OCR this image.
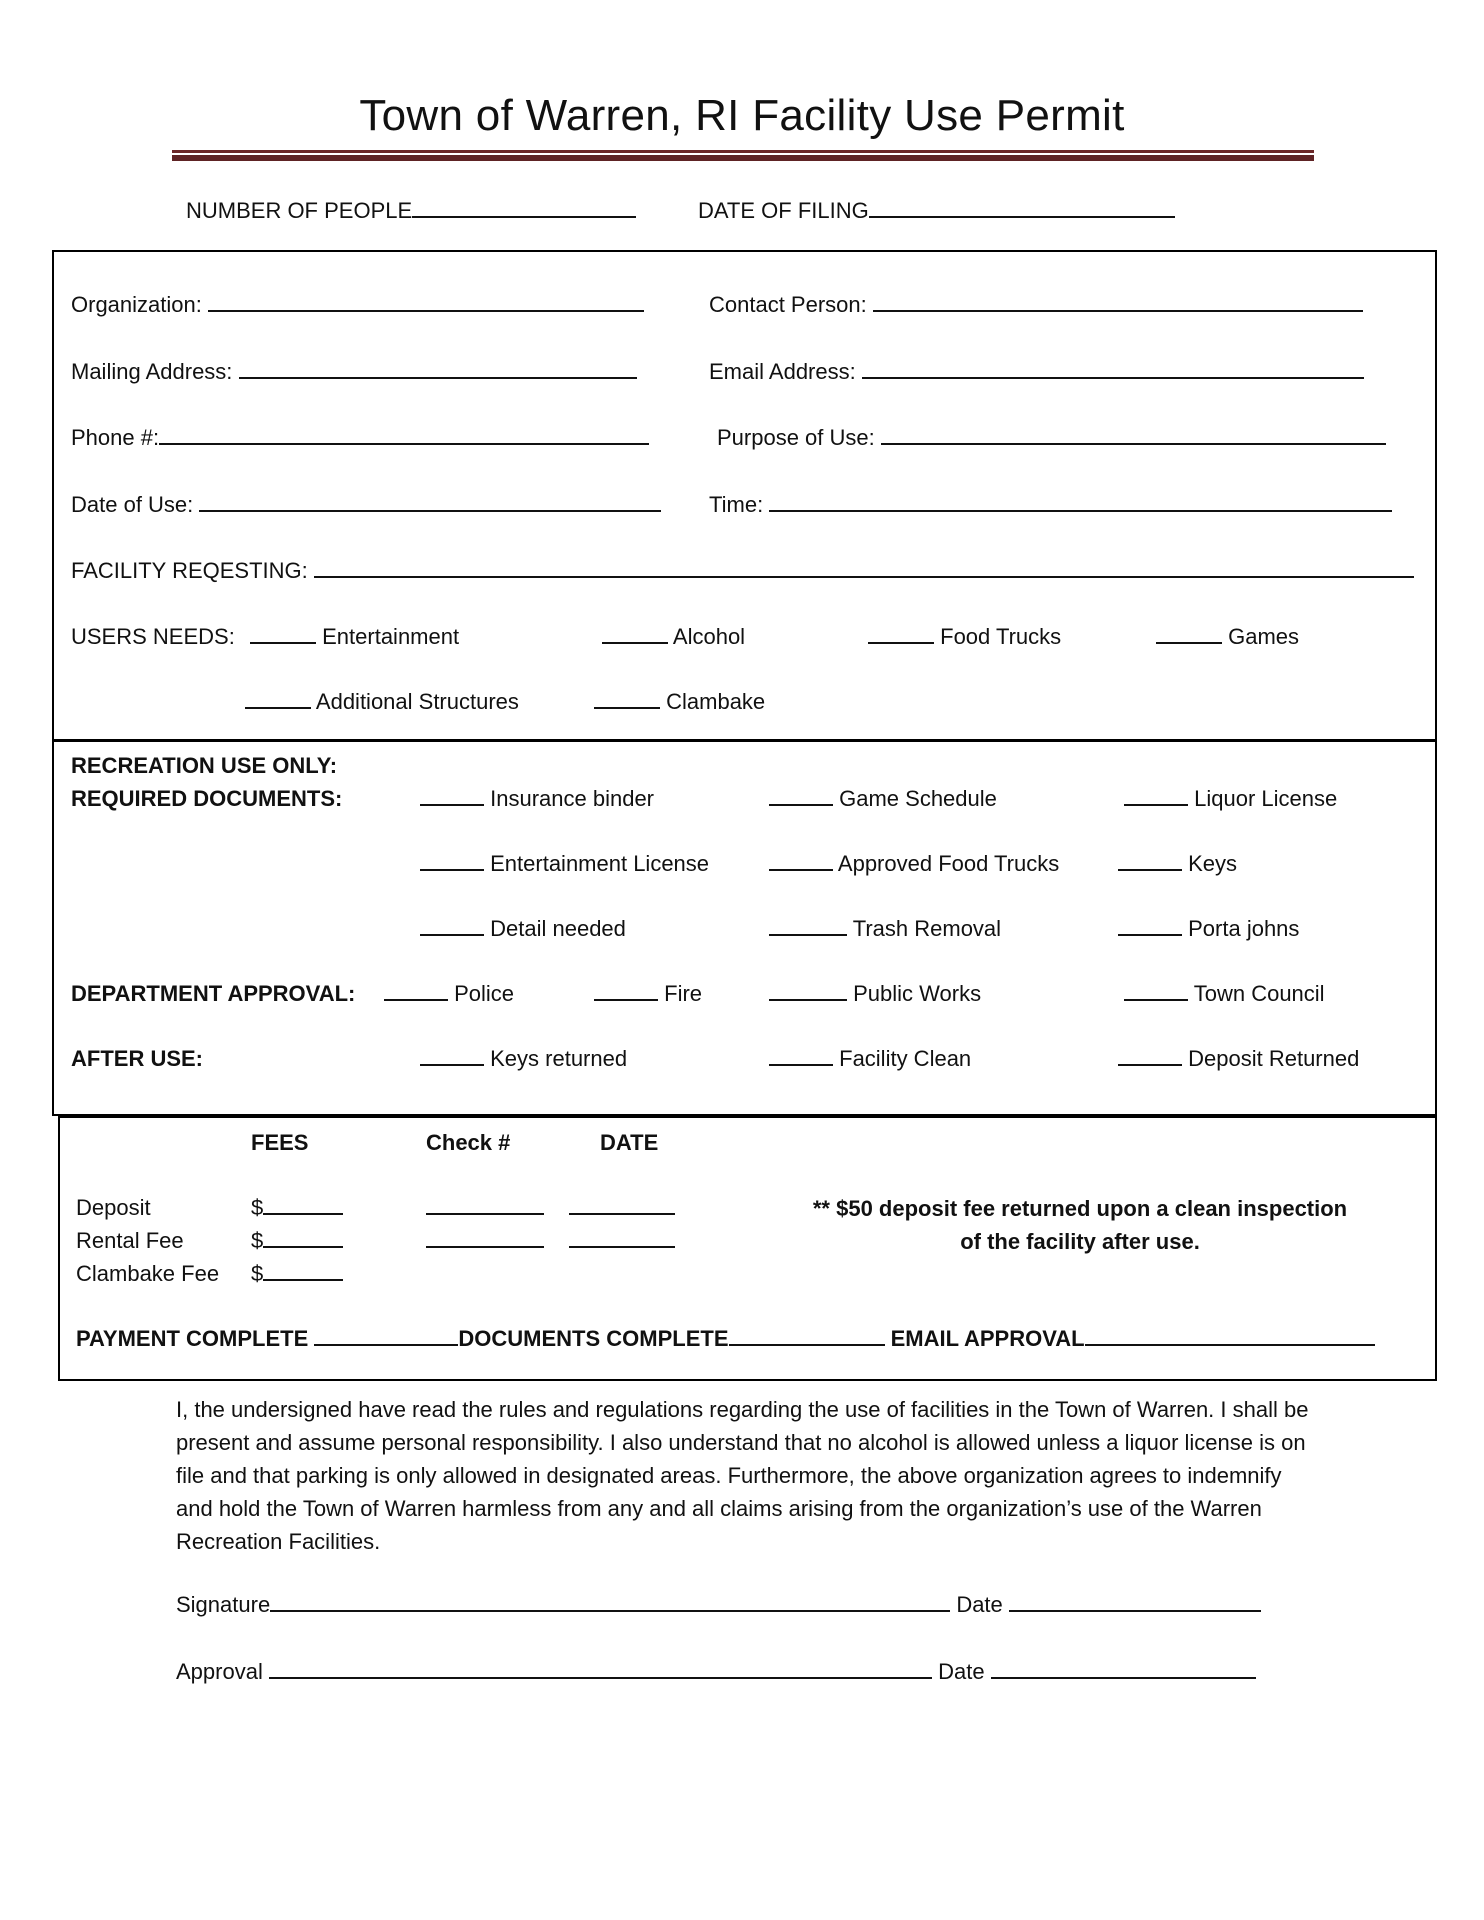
Town of Warren, RI Facility Use Permit
NUMBER OF PEOPLE	DATE OF FILING
Organization:	Contact Person:
Mailing Address:	Email Address:
Phone #:	Purpose of Use:
Date of Use:	Time:
FACILITY REQESTING:
USERS NEEDS:	Entertainment	Alcohol	Food Trucks	Games
Additional Structures	Clambake
RECREATION USE ONLY:
REQUIRED DOCUMENTS:	Insurance binder	Game Schedule	Liquor License
Entertainment License	Approved Food Trucks	Keys
Detail needed	Trash Removal	Porta johns
DEPARTMENT APPROVAL:	Police	Fire	Public Works	Town Council
AFTER USE:	Keys returned	Facility Clean	Deposit Returned
FEES	Check #	DATE
Deposit	$
Rental Fee	$
Clambake Fee $
** $50 deposit fee returned upon a clean inspection
of the facility after use.
PAYMENT COMPLETE	DOCUMENTS COMPLETE	EMAIL APPROVAL
I, the undersigned have read the rules and regulations regarding the use of facilities in the Town of Warren. I shall be present and assume personal responsibility. I also understand that no alcohol is allowed unless a liquor license is on file and that parking is only allowed in designated areas. Furthermore, the above organization agrees to indemnify and hold the Town of Warren harmless from any and all claims arising from the organization’s use of the Warren Recreation Facilities.
Signature	Date
Approval	Date
